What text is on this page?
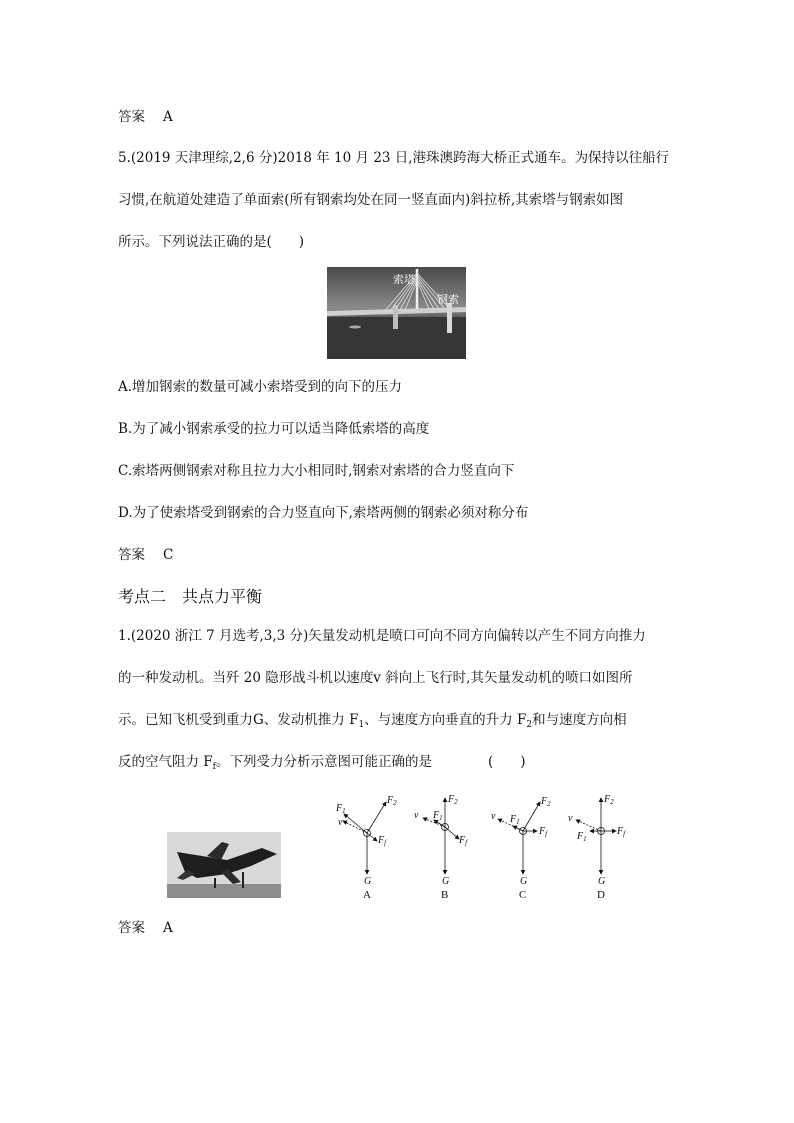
答案 A
5.(2019 天津理综,2,6 分)2018 年 10 月 23 日,港珠澳跨海大桥正式通车。为保持以往船行
习惯,在航道处建造了单面索(所有钢索均处在同一竖直面内)斜拉桥,其索塔与钢索如图
所示。下列说法正确的是(　　)
索塔
钢索
A.增加钢索的数量可减小索塔受到的向下的压力
B.为了减小钢索承受的拉力可以适当降低索塔的高度
C.索塔两侧钢索对称且拉力大小相同时,钢索对索塔的合力竖直向下
D.为了使索塔受到钢索的合力竖直向下,索塔两侧的钢索必须对称分布
答案 C
考点二 共点力平衡
1.(2020 浙江 7 月选考,3,3 分)矢量发动机是喷口可向不同方向偏转以产生不同方向推力
的一种发动机。当歼 20 隐形战斗机以速度v 斜向上飞行时,其矢量发动机的喷口如图所
示。已知飞机受到重力G、发动机推力 $F_1$、与速度方向垂直的升力 $F_2$和与速度方向相
反的空气阻力 $F_f$。下列受力分析示意图可能正确的是	(　　)
$F_2$
$F_1$
v
$F_f$
G
A
$F_2$
$F_1$
v
$F_f$
G
B
$F_2$
$F_1$
v
$F_f$
G
C
$F_2$
$F_1$
v
$F_f$
G
D
答案 A
